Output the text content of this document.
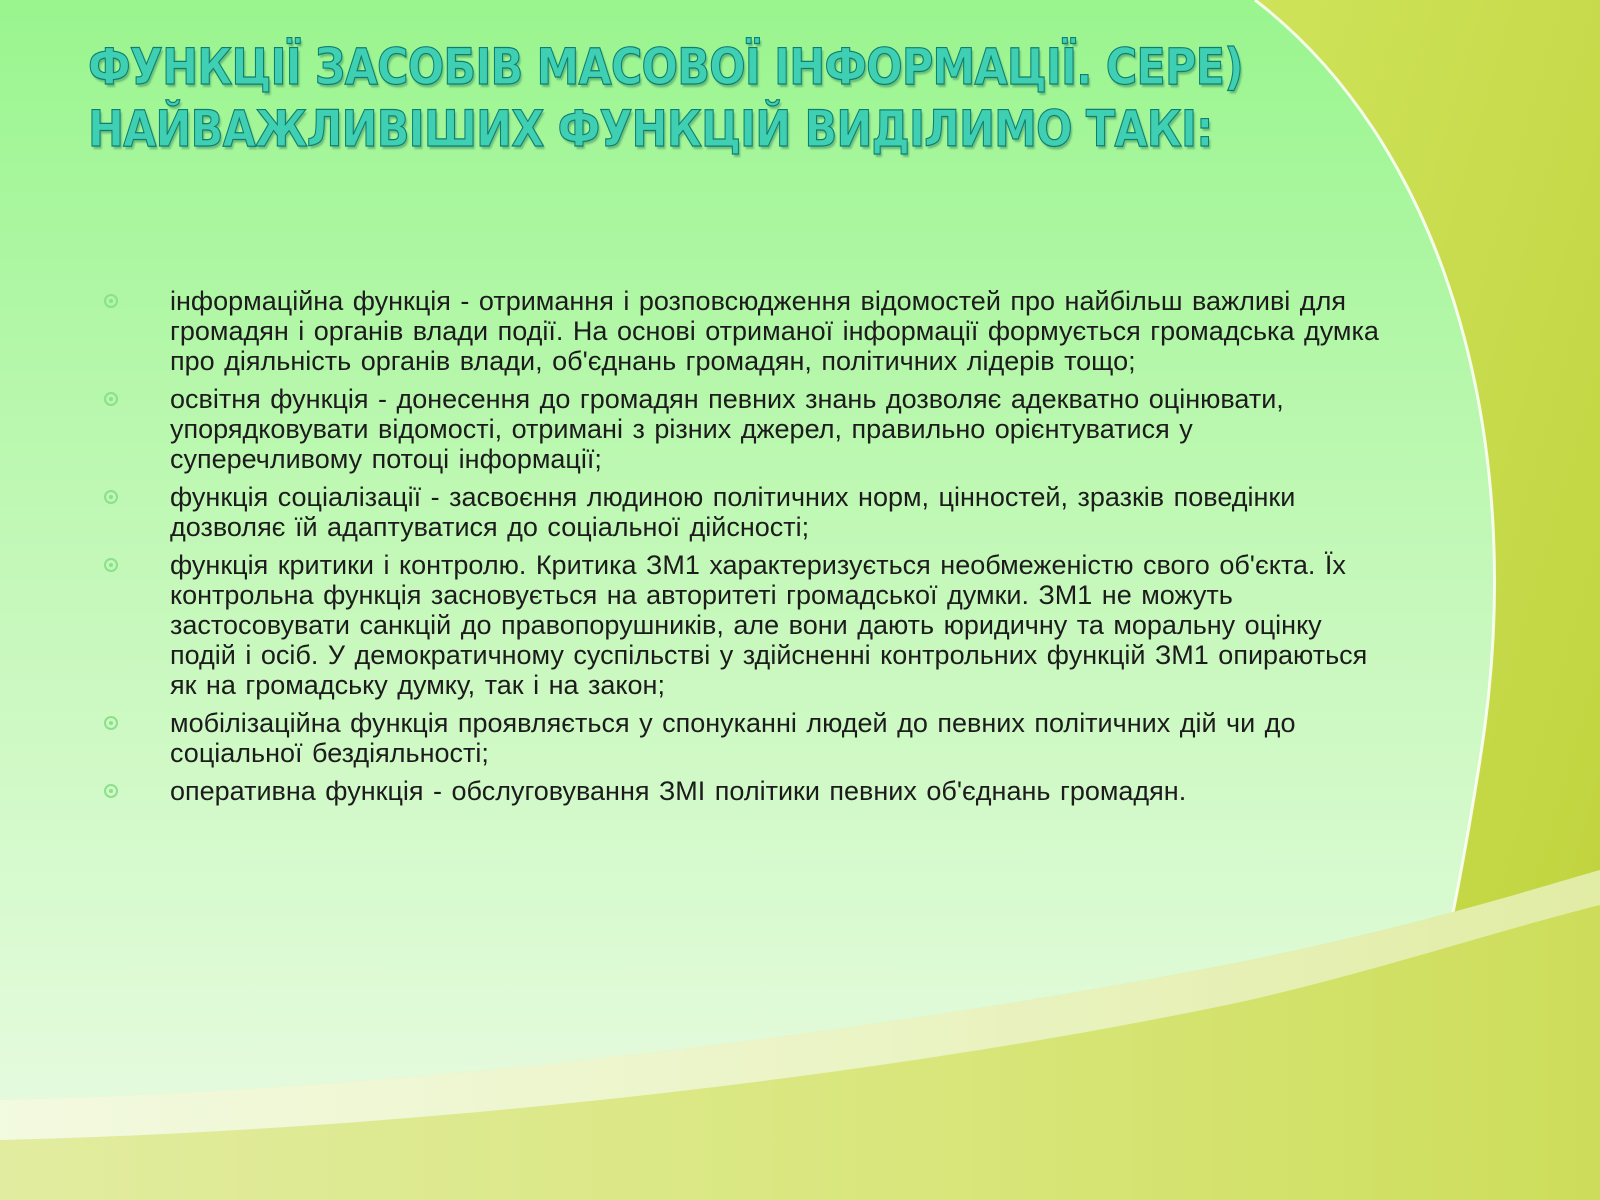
ФУНКЦІЇ ЗАСОБІВ МАСОВОЇ ІНФОРМАЦІЇ. СЕРЕ)
НАЙВАЖЛИВІШИХ ФУНКЦІЙ ВИДІЛИМО ТАКІ:
інформаційна функція - отримання і розповсюдження відомостей про найбільш важливі для громадян і органів влади події. На основі отриманої інформації формується громадська думка про діяльність органів влади, об'єднань громадян, політичних лідерів тощо;
освітня функція - донесення до громадян певних знань дозволяє адекватно оцінювати, упорядковувати відомості, отримані з різних джерел, правильно орієнтуватися у суперечливому потоці інформації;
функція соціалізації - засвоєння людиною політичних норм, цінностей, зразків поведінки дозволяє їй адаптуватися до соціальної дійсності;
функція критики і контролю. Критика ЗМ1 характеризується необмеженістю свого об'єкта. Їх контрольна функція засновується на авторитеті громадської думки. ЗМ1 не можуть застосовувати санкцій до правопорушників, але вони дають юридичну та моральну оцінку подій і осіб. У демократичному суспільстві у здійсненні контрольних функцій ЗМ1 опираються як на громадську думку, так і на закон;
мобілізаційна функція проявляється у спонуканні людей до певних політичних дій чи до соціальної бездіяльності;
оперативна функція - обслуговування ЗМІ політики певних об'єднань громадян.
